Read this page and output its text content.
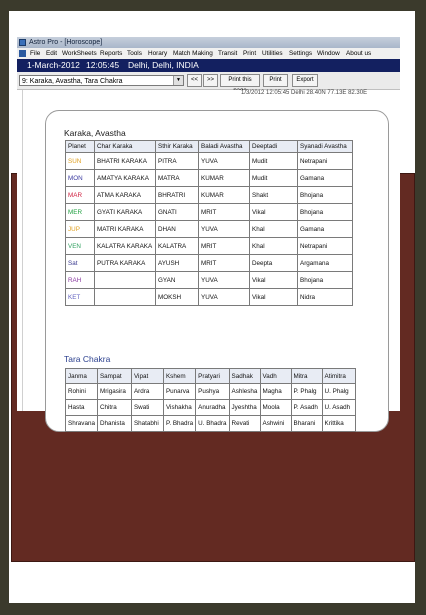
Astro Pro - [Horoscope]
File Edit WorkSheets Reports Tools Horary Match Making Transit Print Utilities Settings Window About us
1-March-2012 12:05:45 Delhi, Delhi, INDIA
9: Karaka, Avastha, Tara Chakra	▼	<<	>>	Print this	Print	Export
1/3/2012 12:05:45 Delhi 28.40N 77.13E 82.30E
Karaka, Avastha
Planet	Char Karaka	Sthir Karaka	Baladi Avastha	Deeptadi	Syanadi Avastha
SUN	BHATRI KARAKA	PITRA	YUVA	Mudit	Netrapani
MON	AMATYA KARAKA	MATRA	KUMAR	Mudit	Gamana
MAR	ATMA KARAKA	BHRATRI	KUMAR	Shakt	Bhojana
MER	GYATI KARAKA	GNATI	MRIT	Vikal	Bhojana
JUP	MATRI KARAKA	DHAN	YUVA	Khal	Gamana
VEN	KALATRA KARAKA	KALATRA	MRIT	Khal	Netrapani
Sat	PUTRA KARAKA	AYUSH	MRIT	Deepta	Argamana
RAH		GYAN	YUVA	Vikal	Bhojana
KET		MOKSH	YUVA	Vikal	Nidra
Tara Chakra
Janma	Sampat	Vipat	Kshem	Pratyari	Sadhak	Vadh	Mitra	Atimitra
Rohini	Mrigasira	Ardra	Punarva	Pushya	Ashlesha	Magha	P. Phalg	U. Phalg
Hasta	Chitra	Swati	Vishakha	Anuradha	Jyeshtha	Moola	P. Asadh	U. Asadh
Shravana	Dhanista	Shatabhi	P. Bhadra	U. Bhadra	Revati	Ashwini	Bharani	Krittika
